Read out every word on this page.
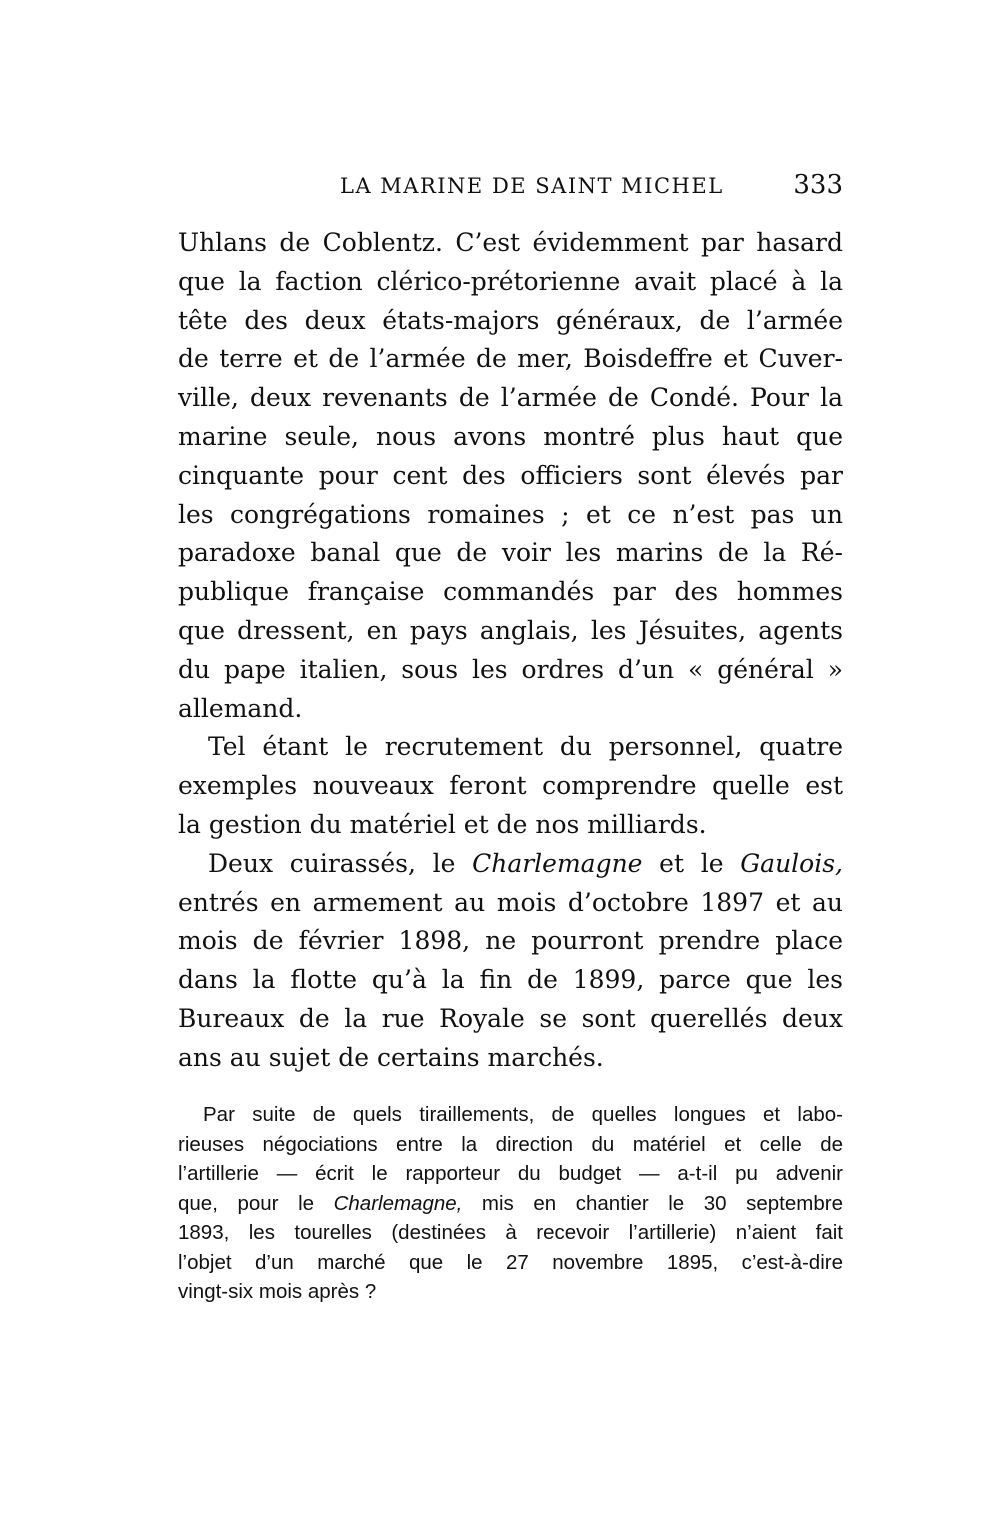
LA MARINE DE SAINT MICHEL	333
Uhlans de Coblentz. C’est évidemment par hasard
que la faction clérico-prétorienne avait placé à la
tête des deux états-majors généraux, de l’armée
de terre et de l’armée de mer, Boisdeffre et Cuver-
ville, deux revenants de l’armée de Condé. Pour la
marine seule, nous avons montré plus haut que
cinquante pour cent des officiers sont élevés par
les congrégations romaines ; et ce n’est pas un
paradoxe banal que de voir les marins de la Ré-
publique française commandés par des hommes
que dressent, en pays anglais, les Jésuites, agents
du pape italien, sous les ordres d’un « général »
allemand.
Tel étant le recrutement du personnel, quatre
exemples nouveaux feront comprendre quelle est
la gestion du matériel et de nos milliards.
Deux cuirassés, le Charlemagne et le Gaulois,
entrés en armement au mois d’octobre 1897 et au
mois de février 1898, ne pourront prendre place
dans la flotte qu’à la fin de 1899, parce que les
Bureaux de la rue Royale se sont querellés deux
ans au sujet de certains marchés.
Par suite de quels tiraillements, de quelles longues et labo-
rieuses négociations entre la direction du matériel et celle de
l’artillerie — écrit le rapporteur du budget — a-t-il pu advenir
que, pour le Charlemagne, mis en chantier le 30 septembre
1893, les tourelles (destinées à recevoir l’artillerie) n’aient fait
l’objet d’un marché que le 27 novembre 1895, c’est-à-dire
vingt-six mois après ?
